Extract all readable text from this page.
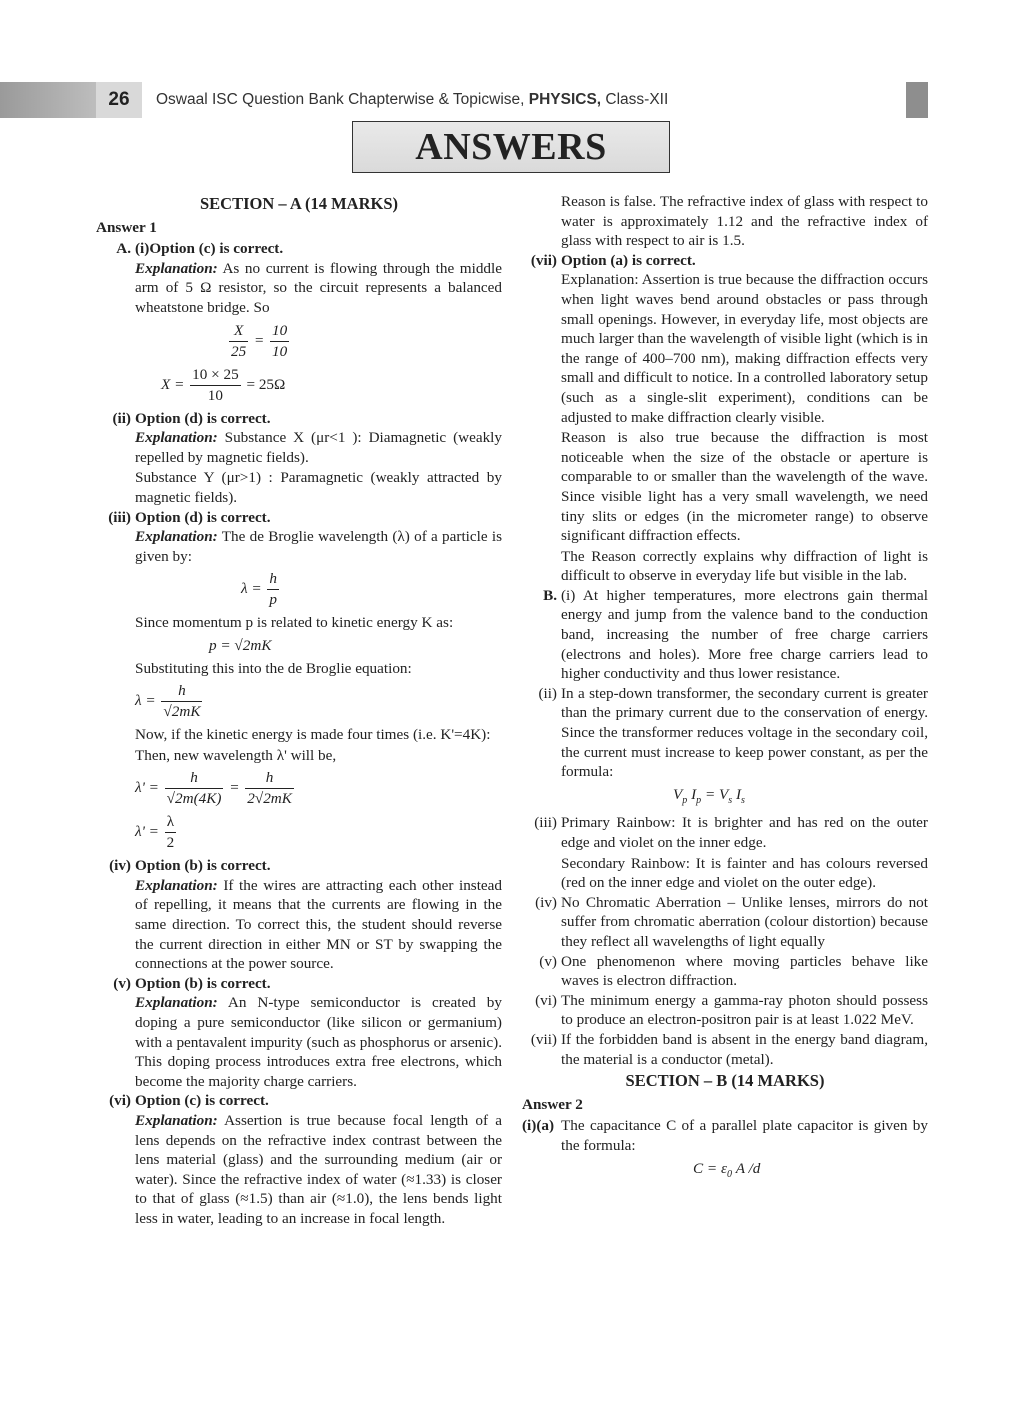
26	Oswaal ISC Question Bank Chapterwise & Topicwise, PHYSICS, Class-XII
ANSWERS
SECTION – A (14 MARKS)
Answer 1
A. (i)Option (c) is correct.

Explanation: As no current is flowing through the middle arm of 5 Ω resistor, so the circuit represents a balanced wheatstone bridge. So

$\frac{X}{25} = \frac{10}{10}$
$X = \frac{10 \times 25}{10} = 25\Omega$
(ii) Option (d) is correct.

Explanation: Substance X (μr<1 ): Diamagnetic (weakly repelled by magnetic fields).

Substance Y (μr>1) : Paramagnetic (weakly attracted by magnetic fields).

(iii) Option (d) is correct.

Explanation: The de Broglie wavelength (λ) of a particle is given by:

$\lambda = \frac{h}{p}$

Since momentum p is related to kinetic energy K as:

p = √2mK

Substituting this into the de Broglie equation:

$\lambda = \frac{h}{√2mK}$

Now, if the kinetic energy is made four times (i.e. K'=4K):

Then, new wavelength λ' will be,

$\lambda' = \frac{h}{√2m(4K)} = \frac{h}{2√2mK}$
$\lambda' = \frac{\lambda}{2}$
(iv) Option (b) is correct.

Explanation: If the wires are attracting each other instead of repelling, it means that the currents are flowing in the same direction. To correct this, the student should reverse the current direction in either MN or ST by swapping the connections at the power source.

(v) Option (b) is correct.

Explanation: An N-type semiconductor is created by doping a pure semiconductor (like silicon or germanium) with a pentavalent impurity (such as phosphorus or arsenic). This doping process introduces extra free electrons, which become the majority charge carriers.

(vi) Option (c) is correct.

Explanation: Assertion is true because focal length of a lens depends on the refractive index contrast between the lens material (glass) and the surrounding medium (air or water). Since the refractive index of water (≈1.33) is closer to that of glass (≈1.5) than air (≈1.0), the lens bends light less in water, leading to an increase in focal length.

Reason is false. The refractive index of glass with respect to water is approximately 1.12 and the refractive index of glass with respect to air is 1.5.

(vii) Option (a) is correct.

Explanation: Assertion is true because the diffraction occurs when light waves bend around obstacles or pass through small openings. However, in everyday life, most objects are much larger than the wavelength of visible light (which is in the range of 400–700 nm), making diffraction effects very small and difficult to notice. In a controlled laboratory setup (such as a single-slit experiment), conditions can be adjusted to make diffraction clearly visible.

Reason is also true because the diffraction is most noticeable when the size of the obstacle or aperture is comparable to or smaller than the wavelength of the wave. Since visible light has a very small wavelength, we need tiny slits or edges (in the micrometer range) to observe significant diffraction effects.

The Reason correctly explains why diffraction of light is difficult to observe in everyday life but visible in the lab.

B. (i) At higher temperatures, more electrons gain thermal energy and jump from the valence band to the conduction band, increasing the number of free charge carriers (electrons and holes). More free charge carriers lead to higher conductivity and thus lower resistance.

(ii) In a step-down transformer, the secondary current is greater than the primary current due to the conservation of energy. Since the transformer reduces voltage in the secondary coil, the current must increase to keep power constant, as per the formula:

$V_p$ $I_p = V_s$ $I_s$
(iii) Primary Rainbow: It is brighter and has red on the outer edge and violet on the inner edge.

Secondary Rainbow: It is fainter and has colours reversed (red on the inner edge and violet on the outer edge).

(iv) No Chromatic Aberration – Unlike lenses, mirrors do not suffer from chromatic aberration (colour distortion) because they reflect all wavelengths of light equally

(v) One phenomenon where moving particles behave like waves is electron diffraction.

(vi) The minimum energy a gamma-ray photon should possess to produce an electron-positron pair is at least 1.022 MeV.

(vii) If the forbidden band is absent in the energy band diagram, the material is a conductor (metal).

SECTION – B (14 MARKS)
Answer 2
(i)(a) The capacitance C of a parallel plate capacitor is given by the formula:

$C = \varepsilon_0$ A /d
